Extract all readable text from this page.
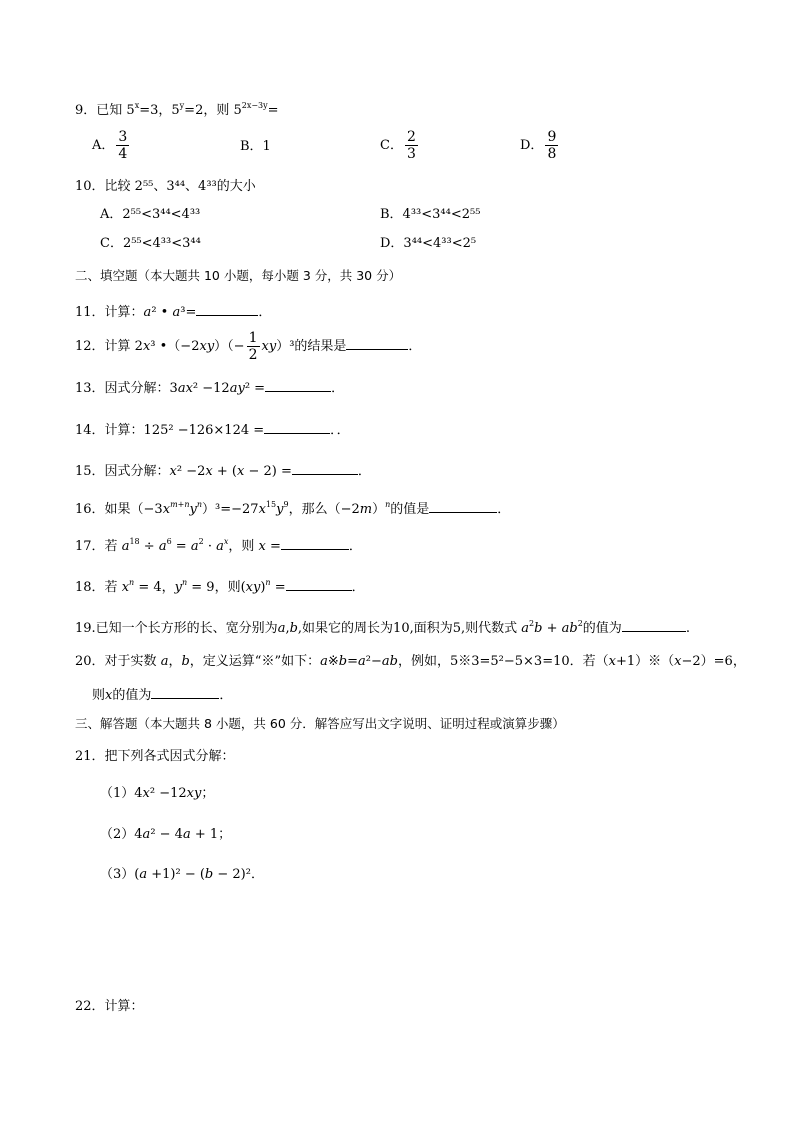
9．已知 $5^x=3$，$5^y=2$，则 $5^{2x-3y}=$
A． $\frac{3}{4}$	B．1	C． $\frac{2}{3}$	D． $\frac{9}{8}$
10．比较 2⁵⁵、3⁴⁴、4³³的大小
A．2⁵⁵<3⁴⁴<4³³	B．4³³<3⁴⁴<2⁵⁵
C．2⁵⁵<4³³<3⁴⁴	D．3⁴⁴<4³³<2⁵
二、填空题（本大题共 10 小题，每小题 3 分，共 30 分）
11．计算：a² • a³=	．
12．计算 2x³ •（−2xy）（− $\frac{1}{2} xy)^3$的结果是	．
13．因式分解：3ax² −12ay² =	．
14．计算：125² −126×124 =	．．
15．因式分解：x² −2x + (x − 2) =	．
16．如果$(-3x^{m+n}y^n)^3=-27x^{15}y^9$，那么$(-2m)^n$的值是	．
17．若 $a^{18} \div a^6 = a^2 \cdot a^x$，则 x =	．
18．若 $x^n = 4$，$y^n = 9$，则(xy)$^n$ =	．
19.已知一个长方形的长、宽分别为a,b,如果它的周长为10,面积为5,则代数式 $a^2b + ab^2$的值为	.
20．对于实数 a，b，定义运算“※”如下：a※b=a²−ab，例如，5※3=5²−5×3=10．若（x+1）※（x−2）=6，
则x的值为	．
三、解答题（本大题共 8 小题，共 60 分．解答应写出文字说明、证明过程或演算步骤）
21．把下列各式因式分解：
（1）4x² −12xy；
（2）4a² − 4a + 1；
（3）(a +1)² − (b − 2)²．
22．计算：
